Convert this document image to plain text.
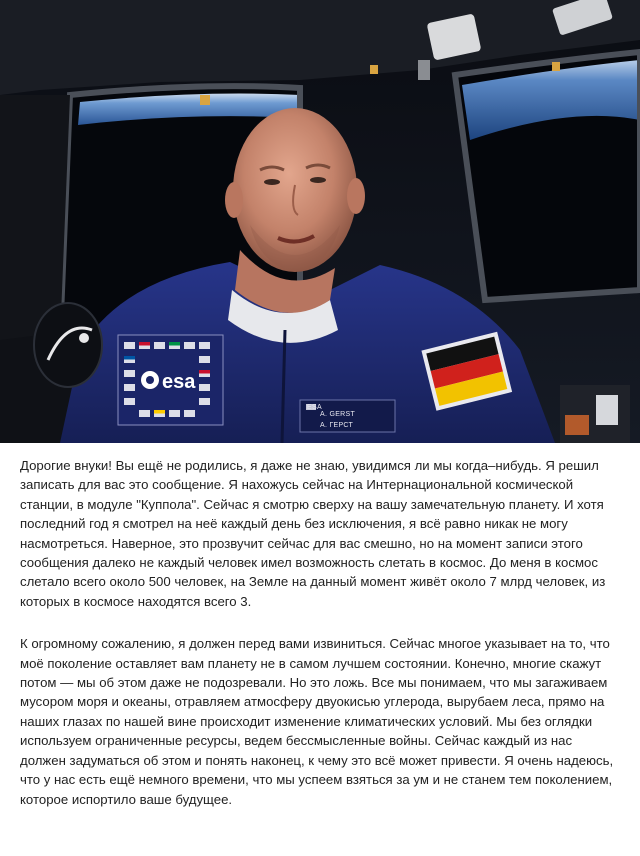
esa
ESA
A. GERST
А. ГЕРСТ

Дорогие внуки! Вы ещё не родились, я даже не знаю, увидимся ли мы когда–нибудь. Я решил записать для вас это сообщение. Я нахожусь сейчас на Интернациональной космической станции, в модуле "Куппола". Сейчас я смотрю сверху на вашу замечательную планету. И хотя последний год я смотрел на неё каждый день без исключения, я всё равно никак не могу насмотреться. Наверное, это прозвучит сейчас для вас смешно, но на момент записи этого сообщения далеко не каждый человек имел возможность слетать в космос. До меня в космос слетало всего около 500 человек, на Земле на данный момент живёт около 7 млрд человек, из которых в космосе находятся всего 3.

К огромному сожалению, я должен перед вами извиниться. Сейчас многое указывает на то, что моё поколение оставляет вам планету не в самом лучшем состоянии. Конечно, многие скажут потом — мы об этом даже не подозревали. Но это ложь. Все мы понимаем, что мы загаживаем мусором моря и океаны, отравляем атмосферу двуокисью углерода, вырубаем леса, прямо на наших глазах по нашей вине происходит изменение климатических условий. Мы без оглядки используем ограниченные ресурсы, ведем бессмысленные войны. Сейчас каждый из нас должен задуматься об этом и понять наконец, к чему это всё может привести. Я очень надеюсь, что у нас есть ещё немного времени, что мы успеем взяться за ум и не станем тем поколением, которое испортило ваше будущее.
